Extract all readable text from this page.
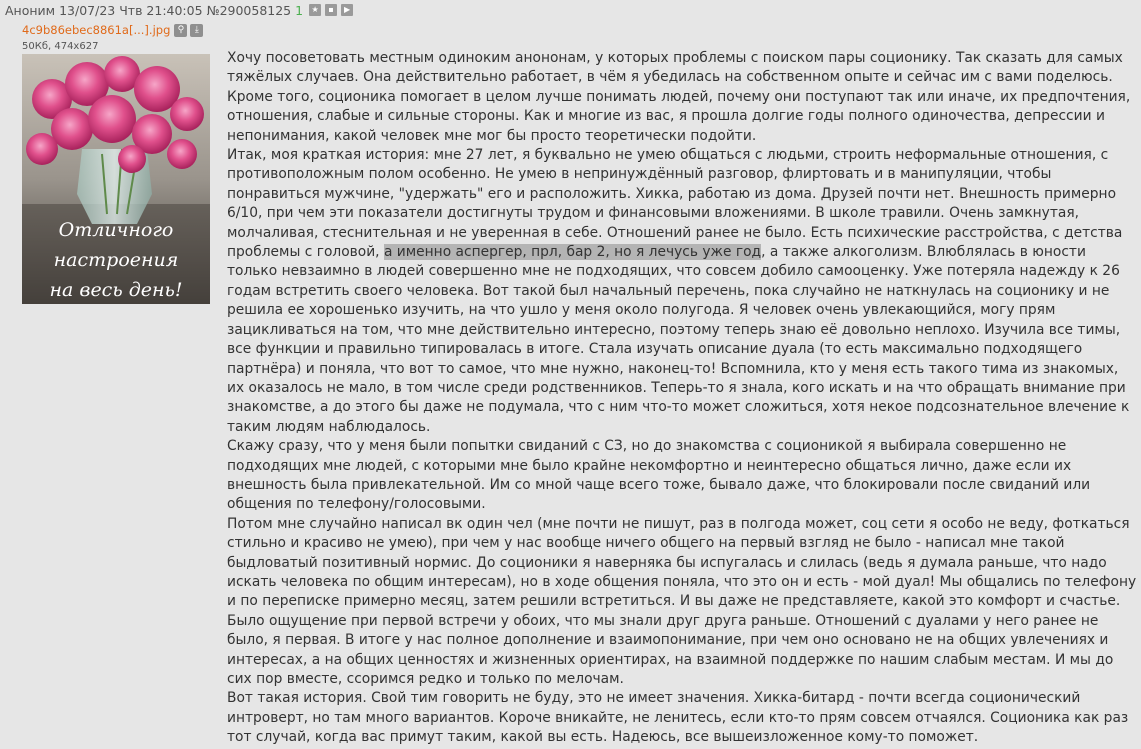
Аноним 13/07/23 Чтв 21:40:05 №290058125 1	★	▪	▶
4c9b86ebec8861a[...].jpg ⚲	⤓
50Кб, 474x627
Отличного
настроения
на весь день!

Хочу посоветовать местным одиноким анононам, у которых проблемы с поиском пары соционику. Так сказать для самых тяжёлых случаев. Она действительно работает, в чём я убедилась на собственном опыте и сейчас им с вами поделюсь. Кроме того, соционика помогает в целом лучше понимать людей, почему они поступают так или иначе, их предпочтения, отношения, слабые и сильные стороны. Как и многие из вас, я прошла долгие годы полного одиночества, депрессии и непонимания, какой человек мне мог бы просто теоретически подойти.

Итак, моя краткая история: мне 27 лет, я буквально не умею общаться с людьми, строить неформальные отношения, с противоположным полом особенно. Не умею в непринуждённый разговор, флиртовать и в манипуляции, чтобы понравиться мужчине, "удержать" его и расположить. Хикка, работаю из дома. Друзей почти нет. Внешность примерно 6/10, при чем эти показатели достигнуты трудом и финансовыми вложениями. В школе травили. Очень замкнутая, молчаливая, стеснительная и не уверенная в себе. Отношений ранее не было. Есть психические расстройства, с детства проблемы с головой, а именно аспергер, прл, бар 2, но я лечусь уже год, а также алкоголизм. Влюблялась в юности только невзаимно в людей совершенно мне не подходящих, что совсем добило самооценку. Уже потеряла надежду к 26 годам встретить своего человека. Вот такой был начальный перечень, пока случайно не наткнулась на соционику и не решила ее хорошенько изучить, на что ушло у меня около полугода. Я человек очень увлекающийся, могу прям зацикливаться на том, что мне действительно интересно, поэтому теперь знаю её довольно неплохо. Изучила все тимы, все функции и правильно типировалась в итоге. Стала изучать описание дуала (то есть максимально подходящего партнёра) и поняла, что вот то самое, что мне нужно, наконец-то! Вспомнила, кто у меня есть такого тима из знакомых, их оказалось не мало, в том числе среди родственников. Теперь-то я знала, кого искать и на что обращать внимание при знакомстве, а до этого бы даже не подумала, что с ним что-то может сложиться, хотя некое подсознательное влечение к таким людям наблюдалось.

Скажу сразу, что у меня были попытки свиданий с СЗ, но до знакомства с соционикой я выбирала совершенно не подходящих мне людей, с которыми мне было крайне некомфортно и неинтересно общаться лично, даже если их внешность была привлекательной. Им со мной чаще всего тоже, бывало даже, что блокировали после свиданий или общения по телефону/голосовыми.

Потом мне случайно написал вк один чел (мне почти не пишут, раз в полгода может, соц сети я особо не веду, фоткаться стильно и красиво не умею), при чем у нас вообще ничего общего на первый взгляд не было - написал мне такой быдловатый позитивный нормис. До соционики я наверняка бы испугалась и слилась (ведь я думала раньше, что надо искать человека по общим интересам), но в ходе общения поняла, что это он и есть - мой дуал! Мы общались по телефону и по переписке примерно месяц, затем решили встретиться. И вы даже не представляете, какой это комфорт и счастье. Было ощущение при первой встречи у обоих, что мы знали друг друга раньше. Отношений с дуалами у него ранее не было, я первая. В итоге у нас полное дополнение и взаимопонимание, при чем оно основано не на общих увлечениях и интересах, а на общих ценностях и жизненных ориентирах, на взаимной поддержке по нашим слабым местам. И мы до сих пор вместе, ссоримся редко и только по мелочам.

Вот такая история. Свой тим говорить не буду, это не имеет значения. Хикка-битард - почти всегда соционический интроверт, но там много вариантов. Короче вникайте, не ленитесь, если кто-то прям совсем отчаялся. Соционика как раз тот случай, когда вас примут таким, какой вы есть. Надеюсь, все вышеизложенное кому-то поможет.
